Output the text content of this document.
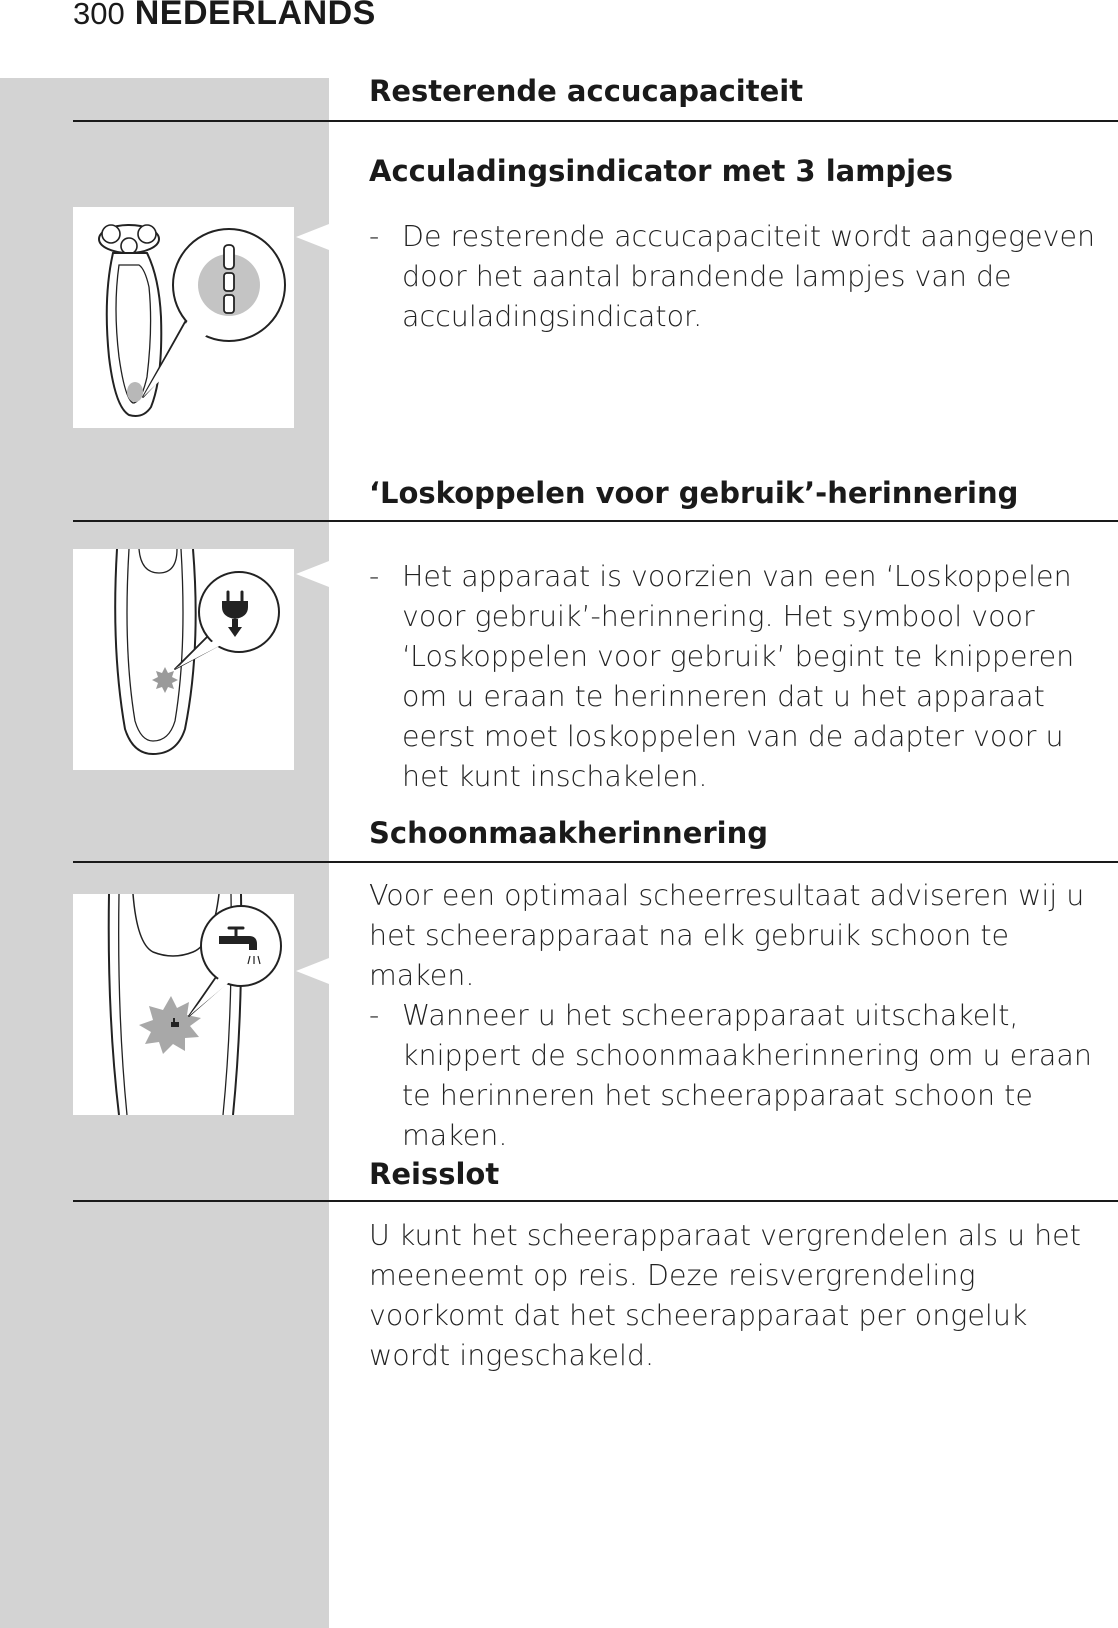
300 NEDERLANDS
Resterende accucapaciteit
Acculadingsindicator met 3 lampjes
- De resterende accucapaciteit wordt aangegeven door het aantal brandende lampjes van de acculadingsindicator.
‘Loskoppelen voor gebruik’-herinnering
- Het apparaat is voorzien van een ‘Loskoppelen voor gebruik’-herinnering. Het symbool voor ‘Loskoppelen voor gebruik’ begint te knipperen om u eraan te herinneren dat u het apparaat eerst moet loskoppelen van de adapter voor u het kunt inschakelen.
Schoonmaakherinnering
Voor een optimaal scheerresultaat adviseren wij u het scheerapparaat na elk gebruik schoon te maken.
- Wanneer u het scheerapparaat uitschakelt, knippert de schoonmaakherinnering om u eraan te herinneren het scheerapparaat schoon te maken.
Reisslot
U kunt het scheerapparaat vergrendelen als u het meeneemt op reis. Deze reisvergrendeling voorkomt dat het scheerapparaat per ongeluk wordt ingeschakeld.
